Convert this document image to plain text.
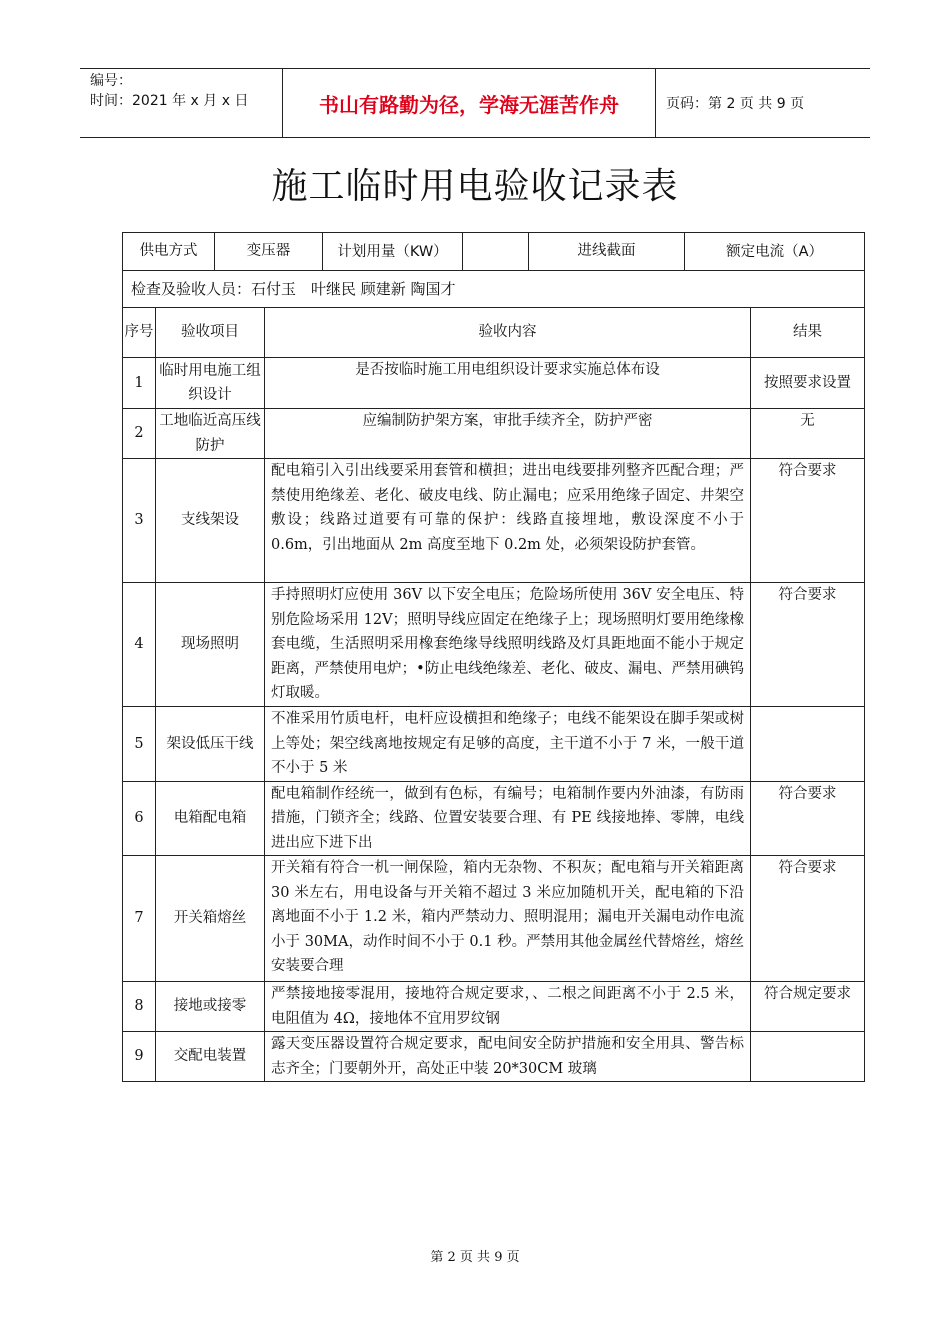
编号：
时间：2021 年 x 月 x 日	书山有路勤为径，学海无涯苦作舟	页码：第 2 页 共 9 页
施工临时用电验收记录表
供电方式		变压器		计划用量（KW）		进线截面	额定电流（A）	
检查及验收人员：石付玉　叶继民 顾建新 陶国才								
序号	验收项目		验收内容					结果
1	临时用电施工组织设计		是否按临时施工用电组织设计要求实施总体布设					按照要求设置
2	工地临近高压线防护		应编制防护架方案，审批手续齐全，防护严密					无
3	支线架设		配电箱引入引出线要采用套管和横担；进出电线要排列整齐匹配合理；严禁使用绝缘差、老化、破皮电线、防止漏电；应采用绝缘子固定、井架空敷设；线路过道要有可靠的保护：线路直接埋地，敷设深度不小于 0.6m，引出地面从 2m 高度至地下 0.2m 处，必须架设防护套管。					符合要求
4	现场照明		手持照明灯应使用 36V 以下安全电压；危险场所使用 36V 安全电压、特别危险场采用 12V；照明导线应固定在绝缘子上；现场照明灯要用绝缘橡套电缆，生活照明采用橡套绝缘导线照明线路及灯具距地面不能小于规定距离，严禁使用电炉；•防止电线绝缘差、老化、破皮、漏电、严禁用碘钨灯取暖。					符合要求
5	架设低压干线		不准采用竹质电杆，电杆应设横担和绝缘子；电线不能架设在脚手架或树上等处；架空线离地按规定有足够的高度，主干道不小于 7 米，一般干道不小于 5 米					
6	电箱配电箱		配电箱制作经统一，做到有色标，有编号；电箱制作要内外油漆，有防雨措施，门锁齐全；线路、位置安装要合理、有 PE 线接地捧、零牌，电线进出应下进下出					符合要求
7	开关箱熔丝		开关箱有符合一机一闸保险，箱内无杂物、不积灰；配电箱与开关箱距离 30 米左右，用电设备与开关箱不超过 3 米应加随机开关，配电箱的下沿离地面不小于 1.2 米，箱内严禁动力、照明混用；漏电开关漏电动作电流小于 30MA，动作时间不小于 0.1 秒。严禁用其他金属丝代替熔丝，熔丝安装要合理					符合要求
8	接地或接零		严禁接地接零混用，接地符合规定要求，、二根之间距离不小于 2.5 米，电阻值为 4Ω，接地体不宜用罗纹钢					符合规定要求
9	交配电装置		露天变压器设置符合规定要求，配电间安全防护措施和安全用具、警告标志齐全；门要朝外开，高处正中装 20*30CM 玻璃					
第 2 页 共 9 页
